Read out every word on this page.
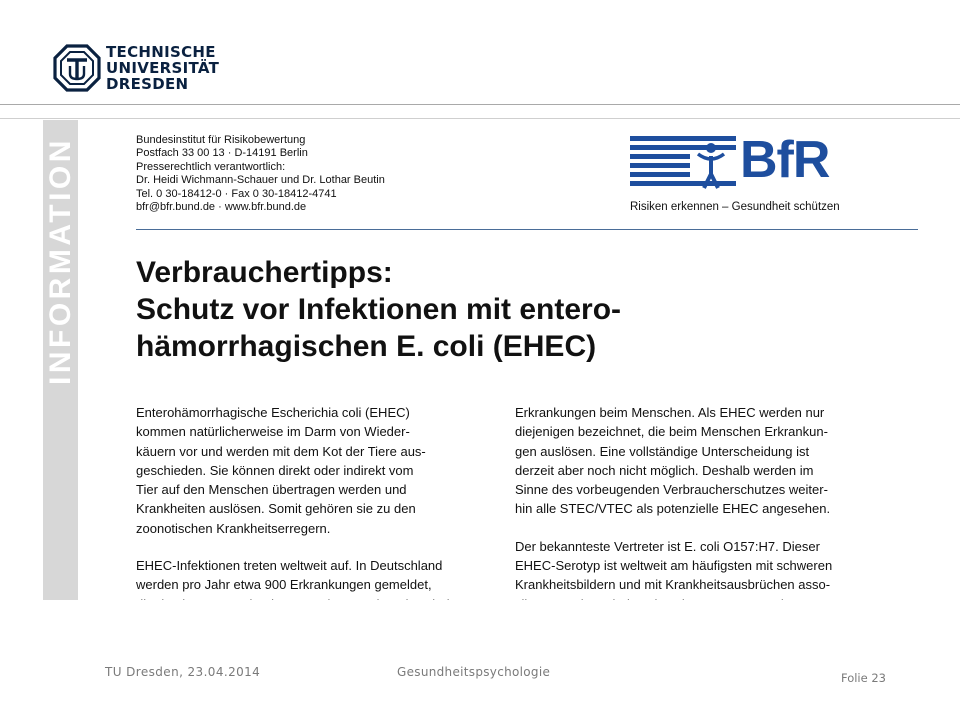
TECHNISCHE
UNIVERSITÄT
DRESDEN
INFORMATION	Bundesinstitut für Risikobewertung
Postfach 33 00 13 · D-14191 Berlin
Presserechtlich verantwortlich:
Dr. Heidi Wichmann-Schauer und Dr. Lothar Beutin
Tel. 0 30-18412-0 · Fax 0 30-18412-4741
bfr@bfr.bund.de · www.bfr.bund.de
BfR
Risiken erkennen – Gesundheit schützen
Verbrauchertipps:
Schutz vor Infektionen mit entero-
hämorrhagischen E. coli (EHEC)
Enterohämorrhagische Escherichia coli (EHEC)
kommen natürlicherweise im Darm von Wieder-
käuern vor und werden mit dem Kot der Tiere aus-
geschieden. Sie können direkt oder indirekt vom
Tier auf den Menschen übertragen werden und
Krankheiten auslösen. Somit gehören sie zu den
zoonotischen Krankheitserregern.
EHEC-Infektionen treten weltweit auf. In Deutschland
werden pro Jahr etwa 900 Erkrankungen gemeldet,
Erkrankungen beim Menschen. Als EHEC werden nur
diejenigen bezeichnet, die beim Menschen Erkrankun-
gen auslösen. Eine vollständige Unterscheidung ist
derzeit aber noch nicht möglich. Deshalb werden im
Sinne des vorbeugenden Verbraucherschutzes weiter-
hin alle STEC/VTEC als potenzielle EHEC angesehen.
Der bekannteste Vertreter ist E. coli O157:H7. Dieser
EHEC-Serotyp ist weltweit am häufigsten mit schweren
Krankheitsbildern und mit Krankheitsausbrüchen asso-
TU Dresden, 23.04.2014	Gesundheitspsychologie	Folie 23
